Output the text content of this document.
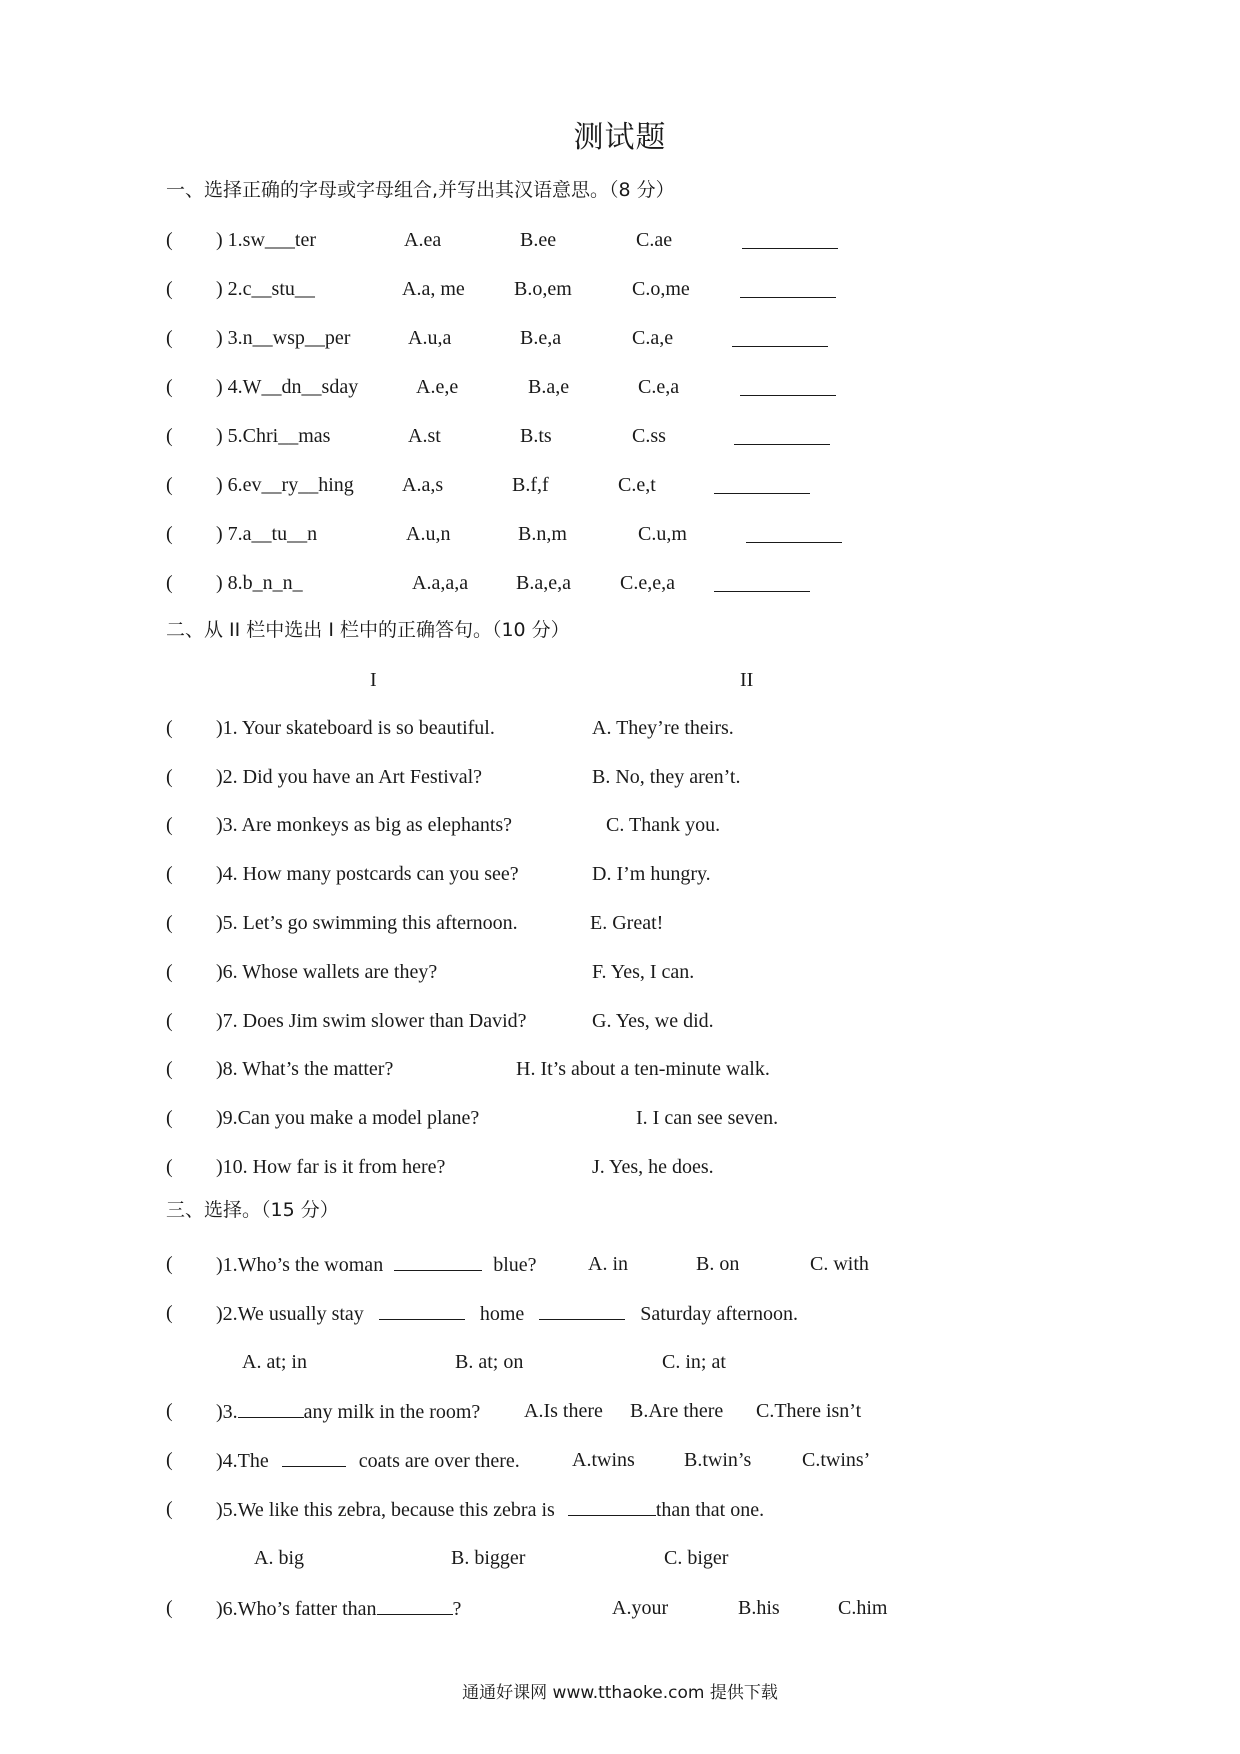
测试题
一、选择正确的字母或字母组合,并写出其汉语意思。（8 分）
( ) 1.sw___ter	A.ea	B.ee	C.ae
( ) 2.c__stu__	A.a, me B.o,em	C.o,me
( ) 3.n__wsp__per	A.u,a	B.e,a	C.a,e
( ) 4.W__dn__sday	A.e,e	B.a,e	C.e,a
( ) 5.Chri__mas	A.st	B.ts	C.ss
( ) 6.ev__ry__hing A.a,s	B.f,f	C.e,t
( ) 7.a__tu__n	A.u,n	B.n,m	C.u,m
( ) 8.b_n_n_	A.a,a,a B.a,e,a C.e,e,a
二、从 II 栏中选出 I 栏中的正确答句。（10 分）
I	II
( )1. Your skateboard is so beautiful.	A. They’re theirs.
( )2. Did you have an Art Festival?	B. No, they aren’t.
( )3. Are monkeys as big as elephants?	C. Thank you.
( )4. How many postcards can you see?	D. I’m hungry.
( )5. Let’s go swimming this afternoon.	E. Great!
( )6. Whose wallets are they?	F. Yes, I can.
( )7. Does Jim swim slower than David?	G. Yes, we did.
( )8. What’s the matter?	H. It’s about a ten-minute walk.
( )9.Can you make a model plane?	I. I can see seven.
( )10. How far is it from here?	J. Yes, he does.
三、选择。（15 分）
( )1.Who’s the woman	blue?	A. in	B. on	C. with
( )2.We usually stay	home	Saturday afternoon.
A. at; in	B. at; on	C. in; at
( )3.	any milk in the room? A.Is there B.Are there C.There isn’t
( )4.The	coats are over there.	A.twins B.twin’s	C.twins’
( )5.We like this zebra, because this zebra is	than that one.
A. big	B. bigger	C. biger
( )6.Who’s fatter than	?	A.your	B.his	C.him
通通好课网 www.tthaoke.com 提供下载
